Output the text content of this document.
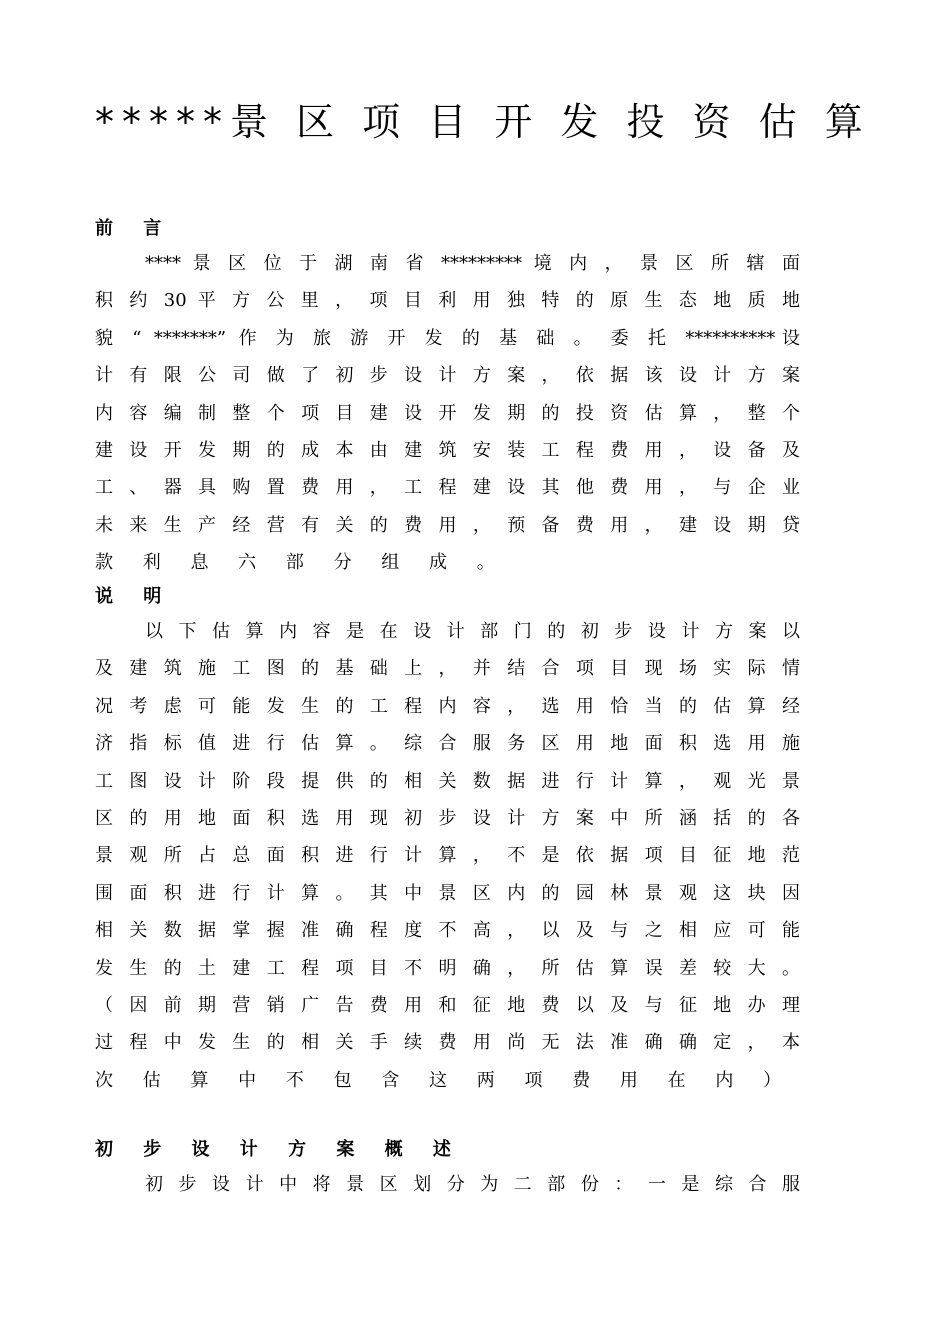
*****景 区 项 目 开 发 投 资 估 算
前 言
**** 景 区 位 于 湖 南 省 ********* 境 内 ， 景 区 所 辖 面
积 约 30 平 方 公 里 ， 项 目 利 用 独 特 的 原 生 态 地 质 地
貌 “ *******” 作 为 旅 游 开 发 的 基 础 。 委 托 **********设
计 有 限 公 司 做 了 初 步 设 计 方 案 ， 依 据 该 设 计 方 案
内 容 编 制 整 个 项 目 建 设 开 发 期 的 投 资 估 算 ， 整 个
建 设 开 发 期 的 成 本 由 建 筑 安 装 工 程 费 用 ， 设 备 及
工 、 器 具 购 置 费 用 ， 工 程 建 设 其 他 费 用 ， 与 企 业
未 来 生 产 经 营 有 关 的 费 用 ， 预 备 费 用 ， 建 设 期 贷
款 利 息 六 部 分 组 成 。
说 明
以 下 估 算 内 容 是 在 设 计 部 门 的 初 步 设 计 方 案 以
及 建 筑 施 工 图 的 基 础 上 ， 并 结 合 项 目 现 场 实 际 情
况 考 虑 可 能 发 生 的 工 程 内 容 ， 选 用 恰 当 的 估 算 经
济 指 标 值 进 行 估 算 。 综 合 服 务 区 用 地 面 积 选 用 施
工 图 设 计 阶 段 提 供 的 相 关 数 据 进 行 计 算 ， 观 光 景
区 的 用 地 面 积 选 用 现 初 步 设 计 方 案 中 所 涵 括 的 各
景 观 所 占 总 面 积 进 行 计 算 ， 不 是 依 据 项 目 征 地 范
围 面 积 进 行 计 算 。 其 中 景 区 内 的 园 林 景 观 这 块 因
相 关 数 据 掌 握 准 确 程 度 不 高 ， 以 及 与 之 相 应 可 能
发 生 的 土 建 工 程 项 目 不 明 确 ， 所 估 算 误 差 较 大 。
（ 因 前 期 营 销 广 告 费 用 和 征 地 费 以 及 与 征 地 办 理
过 程 中 发 生 的 相 关 手 续 费 用 尚 无 法 准 确 确 定 ， 本
次 估 算 中 不 包 含 这 两 项 费 用 在 内 ）
初 步 设 计 方 案 概 述
初 步 设 计 中 将 景 区 划 分 为 二 部 份 ： 一 是 综 合 服
